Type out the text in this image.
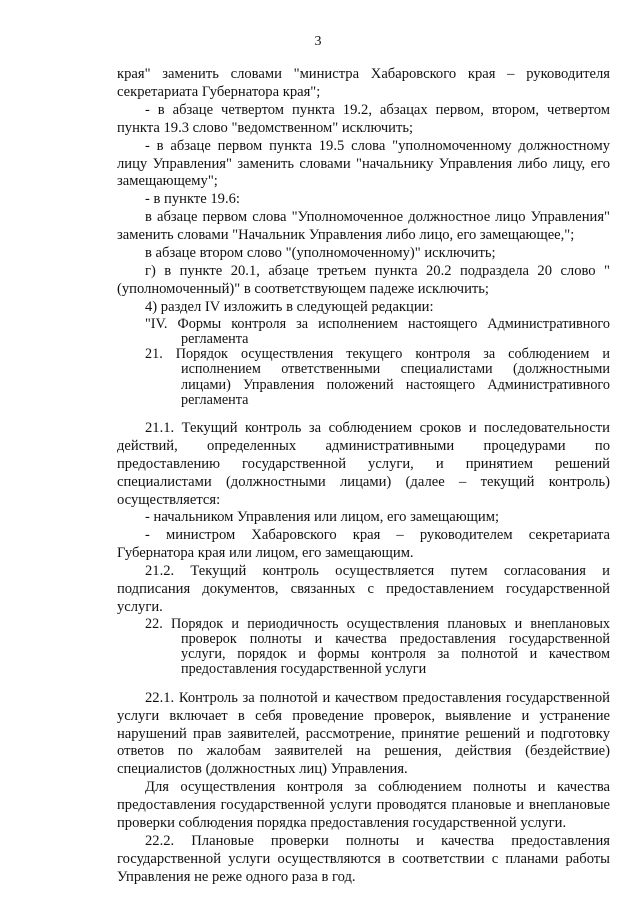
3

края" заменить словами "министра Хабаровского края – руководителя секретариата Губернатора края";

- в абзаце четвертом пункта 19.2, абзацах первом, втором, четвертом пункта 19.3 слово "ведомственном" исключить;

- в абзаце первом пункта 19.5 слова "уполномоченному должностному лицу Управления" заменить словами "начальнику Управления либо лицу, его замещающему";

- в пункте 19.6:

в абзаце первом слова "Уполномоченное должностное лицо Управления" заменить словами "Начальник Управления либо лицо, его замещающее,";

в абзаце втором слово "(уполномоченному)" исключить;

г) в пункте 20.1, абзаце третьем пункта 20.2 подраздела 20 слово "(уполномоченный)" в соответствующем падеже исключить;

4) раздел IV изложить в следующей редакции:

"IV. Формы контроля за исполнением настоящего Административного регламента

21. Порядок осуществления текущего контроля за соблюдением и исполнением ответственными специалистами (должностными лицами) Управления положений настоящего Административного регламента

21.1. Текущий контроль за соблюдением сроков и последовательности действий, определенных административными процедурами по предоставлению государственной услуги, и принятием решений специалистами (должностными лицами) (далее – текущий контроль) осуществляется:

- начальником Управления или лицом, его замещающим;

- министром Хабаровского края – руководителем секретариата Губернатора края или лицом, его замещающим.

21.2. Текущий контроль осуществляется путем согласования и подписания документов, связанных с предоставлением государственной услуги.

22. Порядок и периодичность осуществления плановых и внеплановых проверок полноты и качества предоставления государственной услуги, порядок и формы контроля за полнотой и качеством предоставления государственной услуги

22.1. Контроль за полнотой и качеством предоставления государственной услуги включает в себя проведение проверок, выявление и устранение нарушений прав заявителей, рассмотрение, принятие решений и подготовку ответов по жалобам заявителей на решения, действия (бездействие) специалистов (должностных лиц) Управления.

Для осуществления контроля за соблюдением полноты и качества предоставления государственной услуги проводятся плановые и внеплановые проверки соблюдения порядка предоставления государственной услуги.

22.2. Плановые проверки полноты и качества предоставления государственной услуги осуществляются в соответствии с планами работы Управления не реже одного раза в год.
